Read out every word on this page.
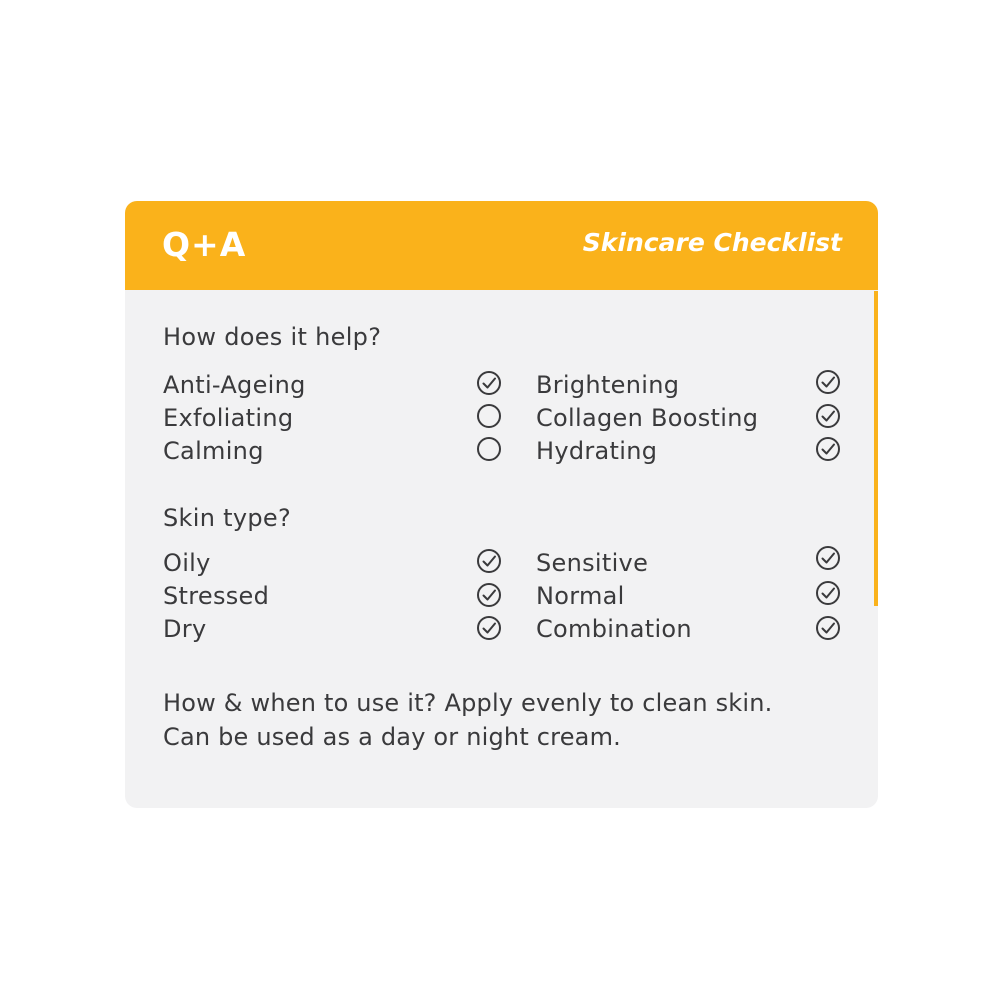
Q+A	Skincare Checklist
How does it help?
Anti-Ageing
Exfoliating
Calming
Brightening
Collagen Boosting
Hydrating
Skin type?
Oily
Stressed
Dry
Sensitive
Normal
Combination
How & when to use it? Apply evenly to clean skin. Can be used as a day or night cream.
